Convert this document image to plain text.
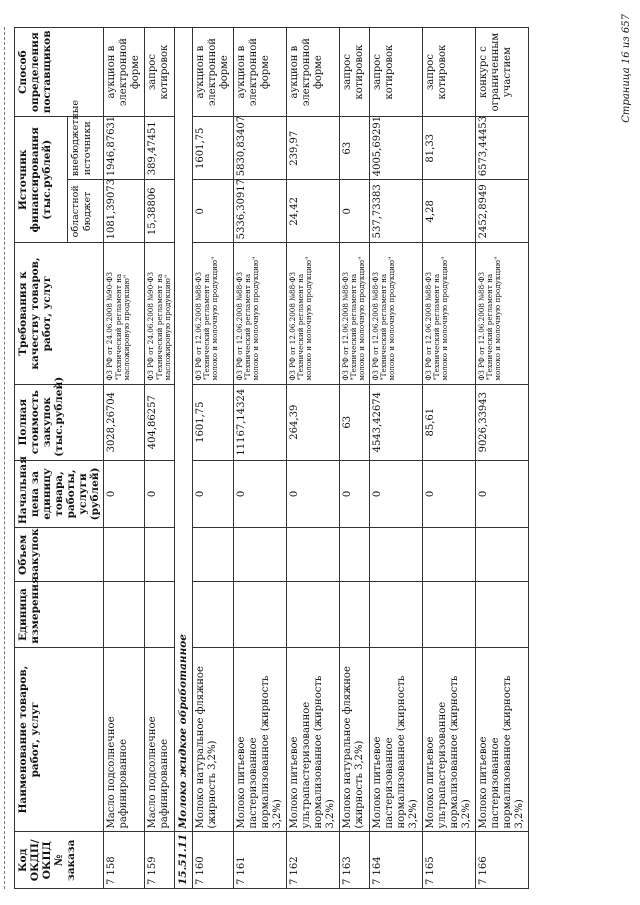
Код ОКДП/ ОКПД № заказа	Наименование товаров, работ, услуг	Единица измерения	Объем закупок	Начальная цена за единицу товара, работы, услуги (рублей)	Полная стоимость закупок (тыс.рублей)	Требования к качеству товаров, работ, услуг	Источник финансирования (тыс.рублей)		Способ определения поставщиков
							областной бюджет	внебюджетные источники	
7 158	Масло подсолнечное рафинированное			0	3028,26704	ФЗ РФ от 24.06.2008 №90-ФЗ "Технический регламент на масложировую продукцию"	1081,39073	1946,87631	аукцион в электронной форме
7 159	Масло подсолнечное рафинированное			0	404,86257	ФЗ РФ от 24.06.2008 №90-ФЗ "Технический регламент на масложировую продукцию"	15,38806	389,47451	запрос котировок
15.51.11	Молоко жидкое обработанное								
7 160	Молоко натуральное фляжное (жирность 3,2%)			0	1601,75	ФЗ РФ от 12.06.2008 №88-ФЗ "Технический регламент на молоко и молочную продукцию"	0	1601,75	аукцион в электронной форме
7 161	Молоко питьевое пастеризованное нормализованное (жирность 3,2%)			0	11167,14324	ФЗ РФ от 12.06.2008 №88-ФЗ "Технический регламент на молоко и молочную продукцию"	5336,30917	5830,83407	аукцион в электронной форме
7 162	Молоко питьевое ультрапастеризованное нормализованное (жирность 3,2%)			0	264,39	ФЗ РФ от 12.06.2008 №88-ФЗ "Технический регламент на молоко и молочную продукцию"	24,42	239,97	аукцион в электронной форме
7 163	Молоко натуральное фляжное (жирность 3,2%)			0	63	ФЗ РФ от 12.06.2008 №88-ФЗ "Технический регламент на молоко и молочную продукцию"	0	63	запрос котировок
7 164	Молоко питьевое пастеризованное нормализованное (жирность 3,2%)			0	4543,42674	ФЗ РФ от 12.06.2008 №88-ФЗ "Технический регламент на молоко и молочную продукцию"	537,73383	4005,69291	запрос котировок
7 165	Молоко питьевое ультрапастеризованное нормализованное (жирность 3,2%)			0	85,61	ФЗ РФ от 12.06.2008 №88-ФЗ "Технический регламент на молоко и молочную продукцию"	4,28	81,33	запрос котировок
7 166	Молоко питьевое пастеризованное нормализованное (жирность 3,2%)			0	9026,33943	ФЗ РФ от 12.06.2008 №88-ФЗ "Технический регламент на молоко и молочную продукцию"	2452,8949	6573,44453	конкурс с ограниченным участием	Страница 16 из 657
